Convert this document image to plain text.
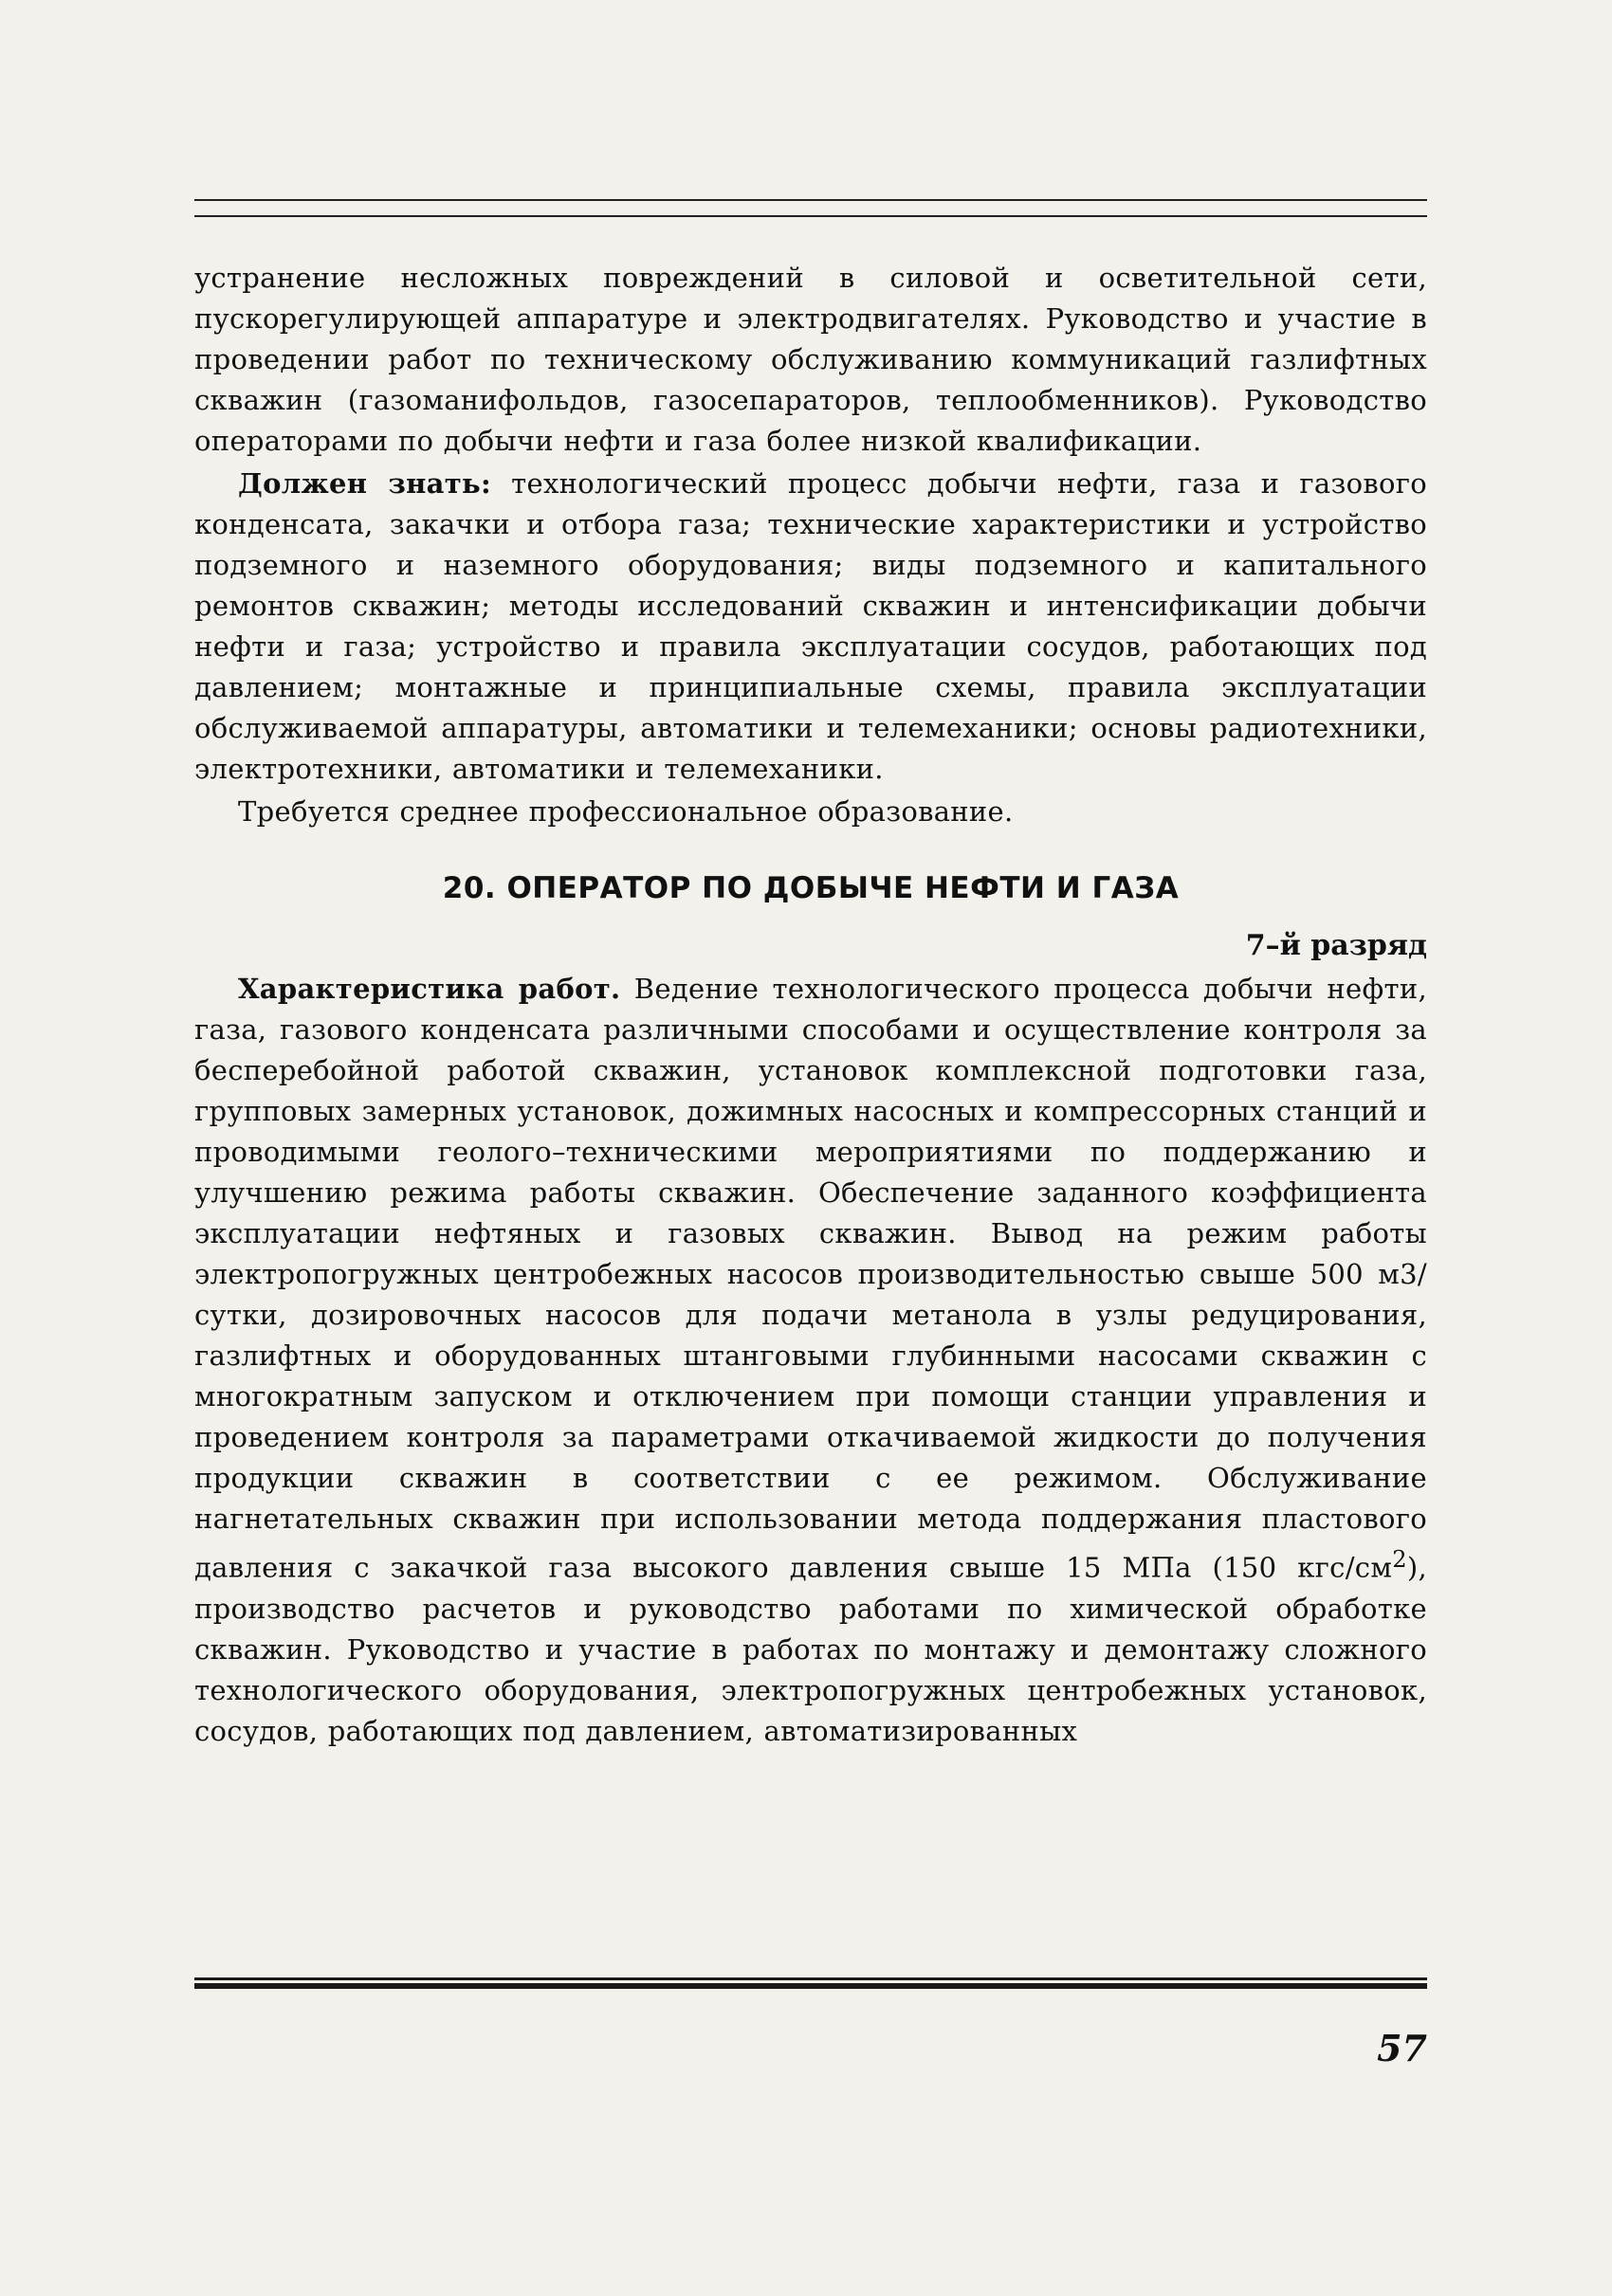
устранение несложных повреждений в силовой и осветительной сети, пускорегулирующей аппаратуре и электродвигателях. Руководство и участие в проведении работ по техническому обслуживанию коммуникаций газлифтных скважин (газоманифольдов, газосепараторов, теплообменников). Руководство операторами по добычи нефти и газа более низкой квалификации.

Должен знать: технологический процесс добычи нефти, газа и газового конденсата, закачки и отбора газа; технические характеристики и устройство подземного и наземного оборудования; виды подземного и капитального ремонтов скважин; методы исследований скважин и интенсификации добычи нефти и газа; устройство и правила эксплуатации сосудов, работающих под давлением; монтажные и принципиальные схемы, правила эксплуатации обслуживаемой аппаратуры, автоматики и телемеханики; основы радиотехники, электротехники, автоматики и телемеханики.

Требуется среднее профессиональное образование.

20. ОПЕРАТОР ПО ДОБЫЧЕ НЕФТИ И ГАЗА
7–й разряд

Характеристика работ. Ведение технологического процесса добычи нефти, газа, газового конденсата различными способами и осуществление контроля за бесперебойной работой скважин, установок комплексной подготовки газа, групповых замерных установок, дожимных насосных и компрессорных станций и проводимыми геолого–техническими мероприятиями по поддержанию и улучшению режима работы скважин. Обеспечение заданного коэффициента эксплуатации нефтяных и газовых скважин. Вывод на режим работы электропогружных центробежных насосов производительностью свыше 500 м3/сутки, дозировочных насосов для подачи метанола в узлы редуцирования, газлифтных и оборудованных штанговыми глубинными насосами скважин с многократным запуском и отключением при помощи станции управления и проведением контроля за параметрами откачиваемой жидкости до получения продукции скважин в соответствии с ее режимом. Обслуживание нагнетательных скважин при использовании метода поддержания пластового давления с закачкой газа высокого давления свыше 15 МПа (150 кгс/$см^2$), производство расчетов и руководство работами по химической обработке скважин. Руководство и участие в работах по монтажу и демонтажу сложного технологического оборудования, электропогружных центробежных установок, сосудов, работающих под давлением, автоматизированных

57
